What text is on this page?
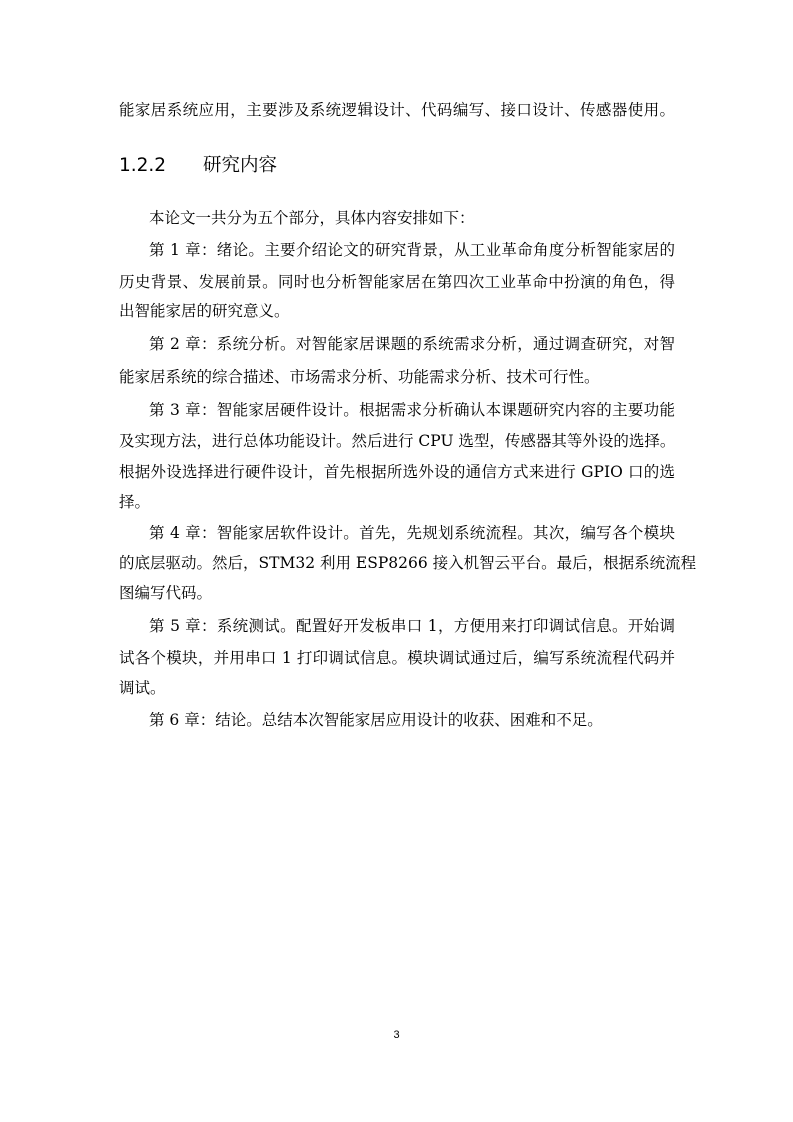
能家居系统应用，主要涉及系统逻辑设计、代码编写、接口设计、传感器使用。
1.2.2 研究内容
本论文一共分为五个部分，具体内容安排如下：
第 1 章：绪论。主要介绍论文的研究背景，从工业革命角度分析智能家居的
历史背景、发展前景。同时也分析智能家居在第四次工业革命中扮演的角色，得
出智能家居的研究意义。
第 2 章：系统分析。对智能家居课题的系统需求分析，通过调查研究，对智
能家居系统的综合描述、市场需求分析、功能需求分析、技术可行性。
第 3 章：智能家居硬件设计。根据需求分析确认本课题研究内容的主要功能
及实现方法，进行总体功能设计。然后进行 CPU 选型，传感器其等外设的选择。
根据外设选择进行硬件设计，首先根据所选外设的通信方式来进行 GPIO 口的选
择。
第 4 章：智能家居软件设计。首先，先规划系统流程。其次，编写各个模块
的底层驱动。然后，STM32 利用 ESP8266 接入机智云平台。最后，根据系统流程
图编写代码。
第 5 章：系统测试。配置好开发板串口 1，方便用来打印调试信息。开始调
试各个模块，并用串口 1 打印调试信息。模块调试通过后，编写系统流程代码并
调试。
第 6 章：结论。总结本次智能家居应用设计的收获、困难和不足。
3
